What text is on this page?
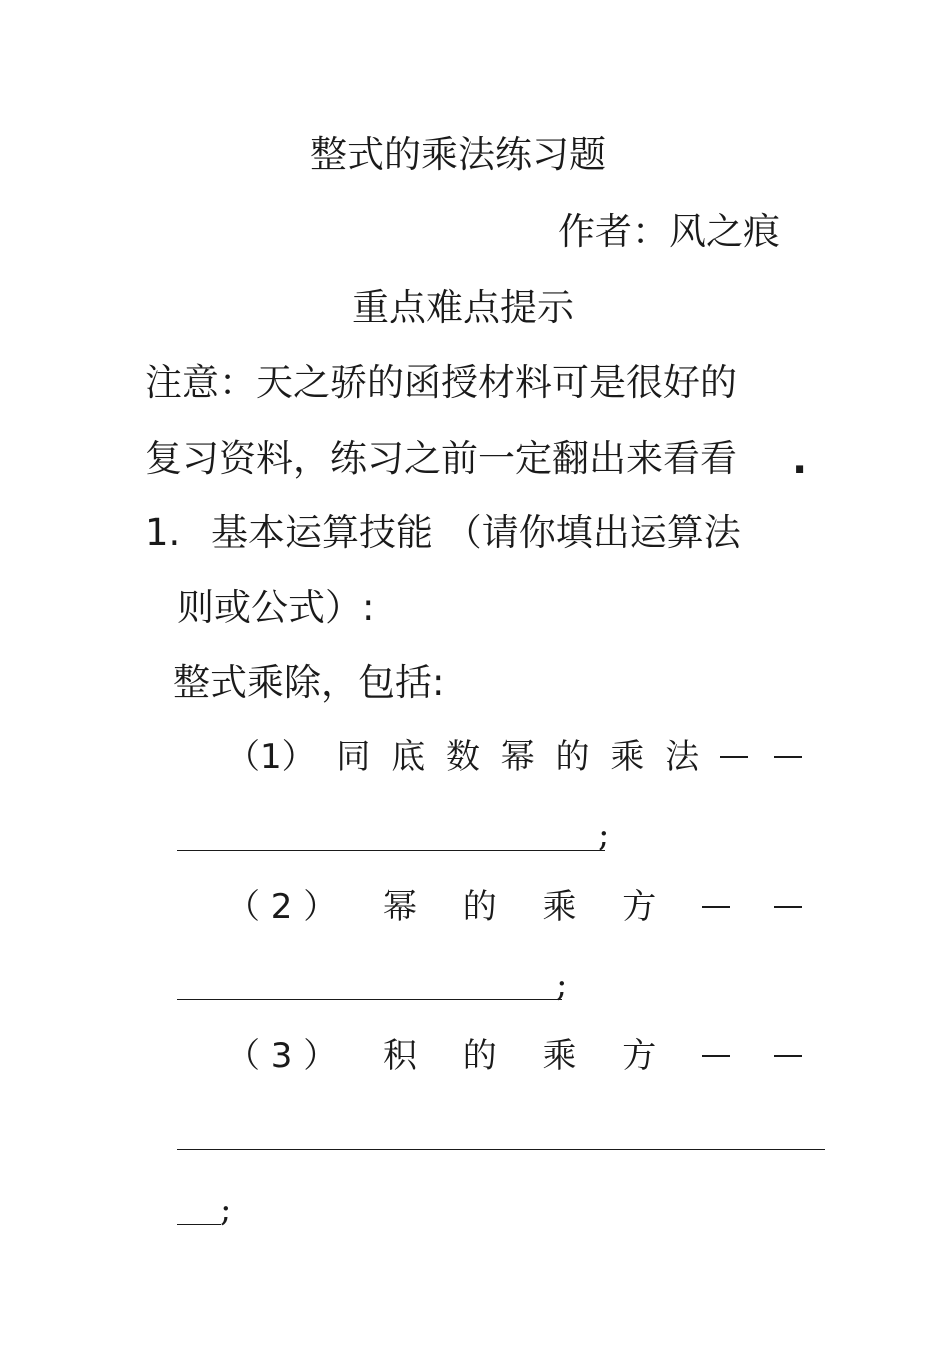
整式的乘法练习题
作者：风之痕
重点难点提示
注意：天之骄的函授材料可是很好的
复习资料，练习之前一定翻出来看看 .
1. 基本运算技能 （请你填出运算法
则或公式）:
整式乘除，包括:
（1） 同 底 数 幂 的 乘 法
;
（ 2 ） 幂 的 乘 方
;
（ 3 ） 积 的 乘 方
;
